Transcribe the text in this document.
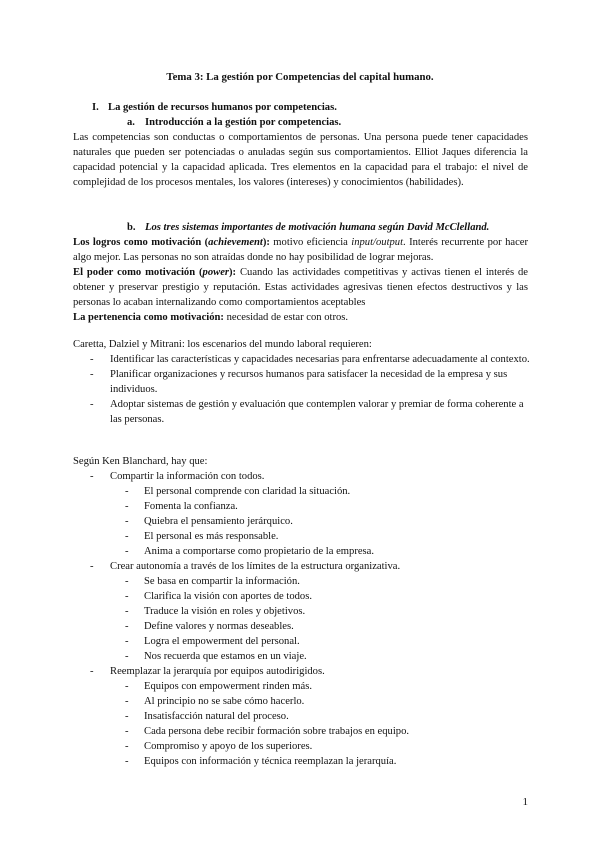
Tema 3: La gestión por Competencias del capital humano.
I. La gestión de recursos humanos por competencias.
a. Introducción a la gestión por competencias.

Las competencias son conductas o comportamientos de personas. Una persona puede tener capacidades naturales que pueden ser potenciadas o anuladas según sus comportamientos. Elliot Jaques diferencia la capacidad potencial y la capacidad aplicada. Tres elementos en la capacidad para el trabajo: el nivel de complejidad de los procesos mentales, los valores (intereses) y conocimientos (habilidades).

b. Los tres sistemas importantes de motivación humana según David McClelland.

Los logros como motivación (achievement): motivo eficiencia input/output. Interés recurrente por hacer algo mejor. Las personas no son atraídas donde no hay posibilidad de lograr mejoras.

El poder como motivación (power): Cuando las actividades competitivas y activas tienen el interés de obtener y preservar prestigio y reputación. Estas actividades agresivas tienen efectos destructivos y las personas lo acaban internalizando como comportamientos aceptables

La pertenencia como motivación: necesidad de estar con otros.

Caretta, Dalziel y Mitrani: los escenarios del mundo laboral requieren:
- Identificar las características y capacidades necesarias para enfrentarse adecuadamente al contexto.
- Planificar organizaciones y recursos humanos para satisfacer la necesidad de la empresa y sus individuos.
- Adoptar sistemas de gestión y evaluación que contemplen valorar y premiar de forma coherente a las personas.
Según Ken Blanchard, hay que:
- Compartir la información con todos.
- El personal comprende con claridad la situación.
- Fomenta la confianza.
- Quiebra el pensamiento jerárquico.
- El personal es más responsable.
- Anima a comportarse como propietario de la empresa.
- Crear autonomía a través de los límites de la estructura organizativa.
- Se basa en compartir la información.
- Clarifica la visión con aportes de todos.
- Traduce la visión en roles y objetivos.
- Define valores y normas deseables.
- Logra el empowerment del personal.
- Nos recuerda que estamos en un viaje.
- Reemplazar la jerarquía por equipos autodirigidos.
- Equipos con empowerment rinden más.
- Al principio no se sabe cómo hacerlo.
- Insatisfacción natural del proceso.
- Cada persona debe recibir formación sobre trabajos en equipo.
- Compromiso y apoyo de los superiores.
- Equipos con información y técnica reemplazan la jerarquía.
1
